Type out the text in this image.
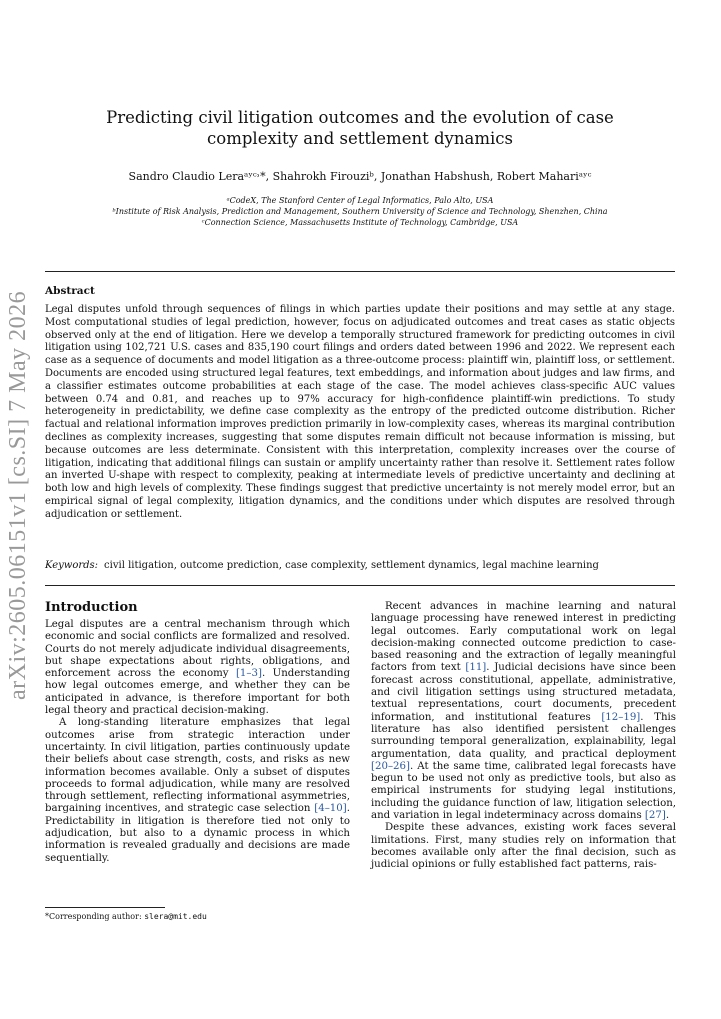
arXiv:2605.06151v1 [cs.SI] 7 May 2026
Predicting civil litigation outcomes and the evolution of case complexity and settlement dynamics
Sandro Claudio Leraᵃʸᶜ˒*, Shahrokh Firouziᵇ, Jonathan Habshush, Robert Mahariᵃʸᶜ
ᵃCodeX, The Stanford Center of Legal Informatics, Palo Alto, USA
ᵇInstitute of Risk Analysis, Prediction and Management, Southern University of Science and Technology, Shenzhen, China
ᶜConnection Science, Massachusetts Institute of Technology, Cambridge, USA
Abstract
Legal disputes unfold through sequences of filings in which parties update their positions and may settle at any stage. Most computational studies of legal prediction, however, focus on adjudicated outcomes and treat cases as static objects observed only at the end of litigation. Here we develop a temporally structured framework for predicting outcomes in civil litigation using 102,721 U.S. cases and 835,190 court filings and orders dated between 1996 and 2022. We represent each case as a sequence of documents and model litigation as a three-outcome process: plaintiff win, plaintiff loss, or settlement. Documents are encoded using structured legal features, text embeddings, and information about judges and law firms, and a classifier estimates outcome probabilities at each stage of the case. The model achieves class-specific AUC values between 0.74 and 0.81, and reaches up to 97% accuracy for high-confidence plaintiff-win predictions. To study heterogeneity in predictability, we define case complexity as the entropy of the predicted outcome distribution. Richer factual and relational information improves prediction primarily in low-complexity cases, whereas its marginal contribution declines as complexity increases, suggesting that some disputes remain difficult not because information is missing, but because outcomes are less determinate. Consistent with this interpretation, complexity increases over the course of litigation, indicating that additional filings can sustain or amplify uncertainty rather than resolve it. Settlement rates follow an inverted U-shape with respect to complexity, peaking at intermediate levels of predictive uncertainty and declining at both low and high levels of complexity. These findings suggest that predictive uncertainty is not merely model error, but an empirical signal of legal complexity, litigation dynamics, and the conditions under which disputes are resolved through adjudication or settlement.
Keywords: civil litigation, outcome prediction, case complexity, settlement dynamics, legal machine learning
Introduction

Legal disputes are a central mechanism through which economic and social conflicts are formalized and resolved. Courts do not merely adjudicate individual disagreements, but shape expectations about rights, obligations, and enforcement across the economy [1–3]. Understanding how legal outcomes emerge, and whether they can be anticipated in advance, is therefore important for both legal theory and practical decision-making.

A long-standing literature emphasizes that legal outcomes arise from strategic interaction under uncertainty. In civil litigation, parties continuously update their beliefs about case strength, costs, and risks as new information becomes available. Only a subset of disputes proceeds to formal adjudication, while many are resolved through settlement, reflecting informational asymmetries, bargaining incentives, and strategic case selection [4–10]. Predictability in litigation is therefore tied not only to adjudication, but also to a dynamic process in which information is revealed gradually and decisions are made sequentially.

Recent advances in machine learning and natural language processing have renewed interest in predicting legal outcomes. Early computational work on legal decision-making connected outcome prediction to case-based reasoning and the extraction of legally meaningful factors from text [11]. Judicial decisions have since been forecast across constitutional, appellate, administrative, and civil litigation settings using structured metadata, textual representations, court documents, precedent information, and institutional features [12–19]. This literature has also identified persistent challenges surrounding temporal generalization, explainability, legal argumentation, data quality, and practical deployment [20–26]. At the same time, calibrated legal forecasts have begun to be used not only as predictive tools, but also as empirical instruments for studying legal institutions, including the guidance function of law, litigation selection, and variation in legal indeterminacy across domains [27].

Despite these advances, existing work faces several limitations. First, many studies rely on information that becomes available only after the final decision, such as judicial opinions or fully established fact patterns, rais-

*Corresponding author: slera@mit.edu
